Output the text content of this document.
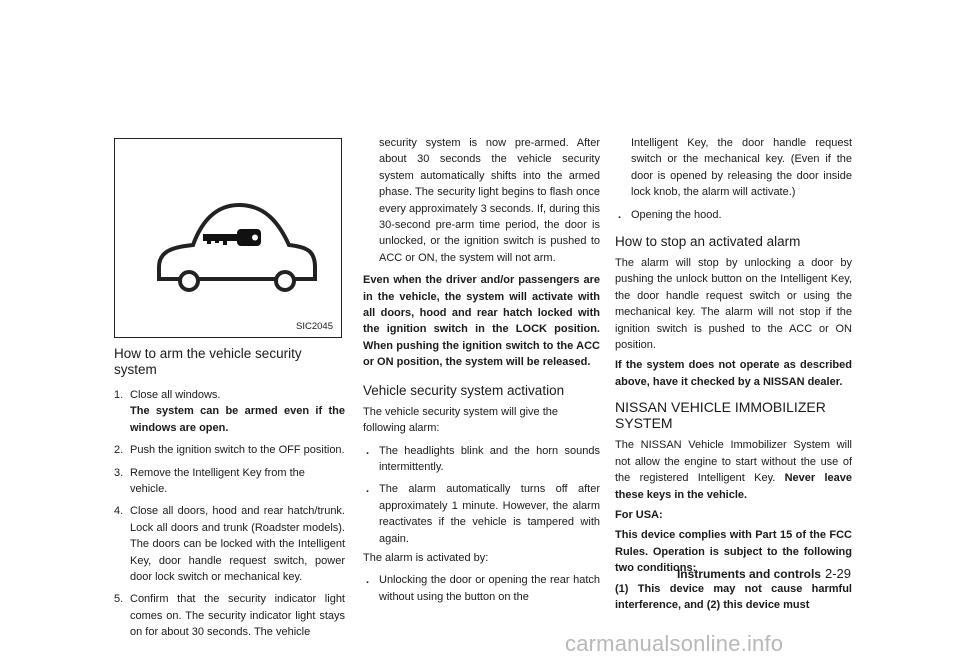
SIC2045
How to arm the vehicle security system
1. Close all windows.

The system can be armed even if the windows are open.

2. Push the ignition switch to the OFF position.

3. Remove the Intelligent Key from the vehicle.

4. Close all doors, hood and rear hatch/trunk. Lock all doors and trunk (Roadster models). The doors can be locked with the Intelligent Key, door handle request switch, power door lock switch or mechanical key.

5. Confirm that the security indicator light comes on. The security indicator light stays on for about 30 seconds. The vehicle

security system is now pre-armed. After about 30 seconds the vehicle security system automatically shifts into the armed phase. The security light begins to flash once every approximately 3 seconds. If, during this 30-second pre-arm time period, the door is unlocked, or the ignition switch is pushed to ACC or ON, the system will not arm.

Even when the driver and/or passengers are in the vehicle, the system will activate with all doors, hood and rear hatch locked with the ignition switch in the LOCK position. When pushing the ignition switch to the ACC or ON position, the system will be released.

Vehicle security system activation

The vehicle security system will give the following alarm:

. The headlights blink and the horn sounds intermittently.

. The alarm automatically turns off after approximately 1 minute. However, the alarm reactivates if the vehicle is tampered with again.

The alarm is activated by:

. Unlocking the door or opening the rear hatch without using the button on the

Intelligent Key, the door handle request switch or the mechanical key. (Even if the door is opened by releasing the door inside lock knob, the alarm will activate.)

. Opening the hood.

How to stop an activated alarm

The alarm will stop by unlocking a door by pushing the unlock button on the Intelligent Key, the door handle request switch or using the mechanical key. The alarm will not stop if the ignition switch is pushed to the ACC or ON position.

If the system does not operate as described above, have it checked by a NISSAN dealer.

NISSAN VEHICLE IMMOBILIZER SYSTEM

The NISSAN Vehicle Immobilizer System will not allow the engine to start without the use of the registered Intelligent Key. Never leave these keys in the vehicle.

For USA:

This device complies with Part 15 of the FCC Rules. Operation is subject to the following two conditions:

(1) This device may not cause harmful interference, and (2) this device must

Instruments and controls 2-29
carmanualsonline.info
